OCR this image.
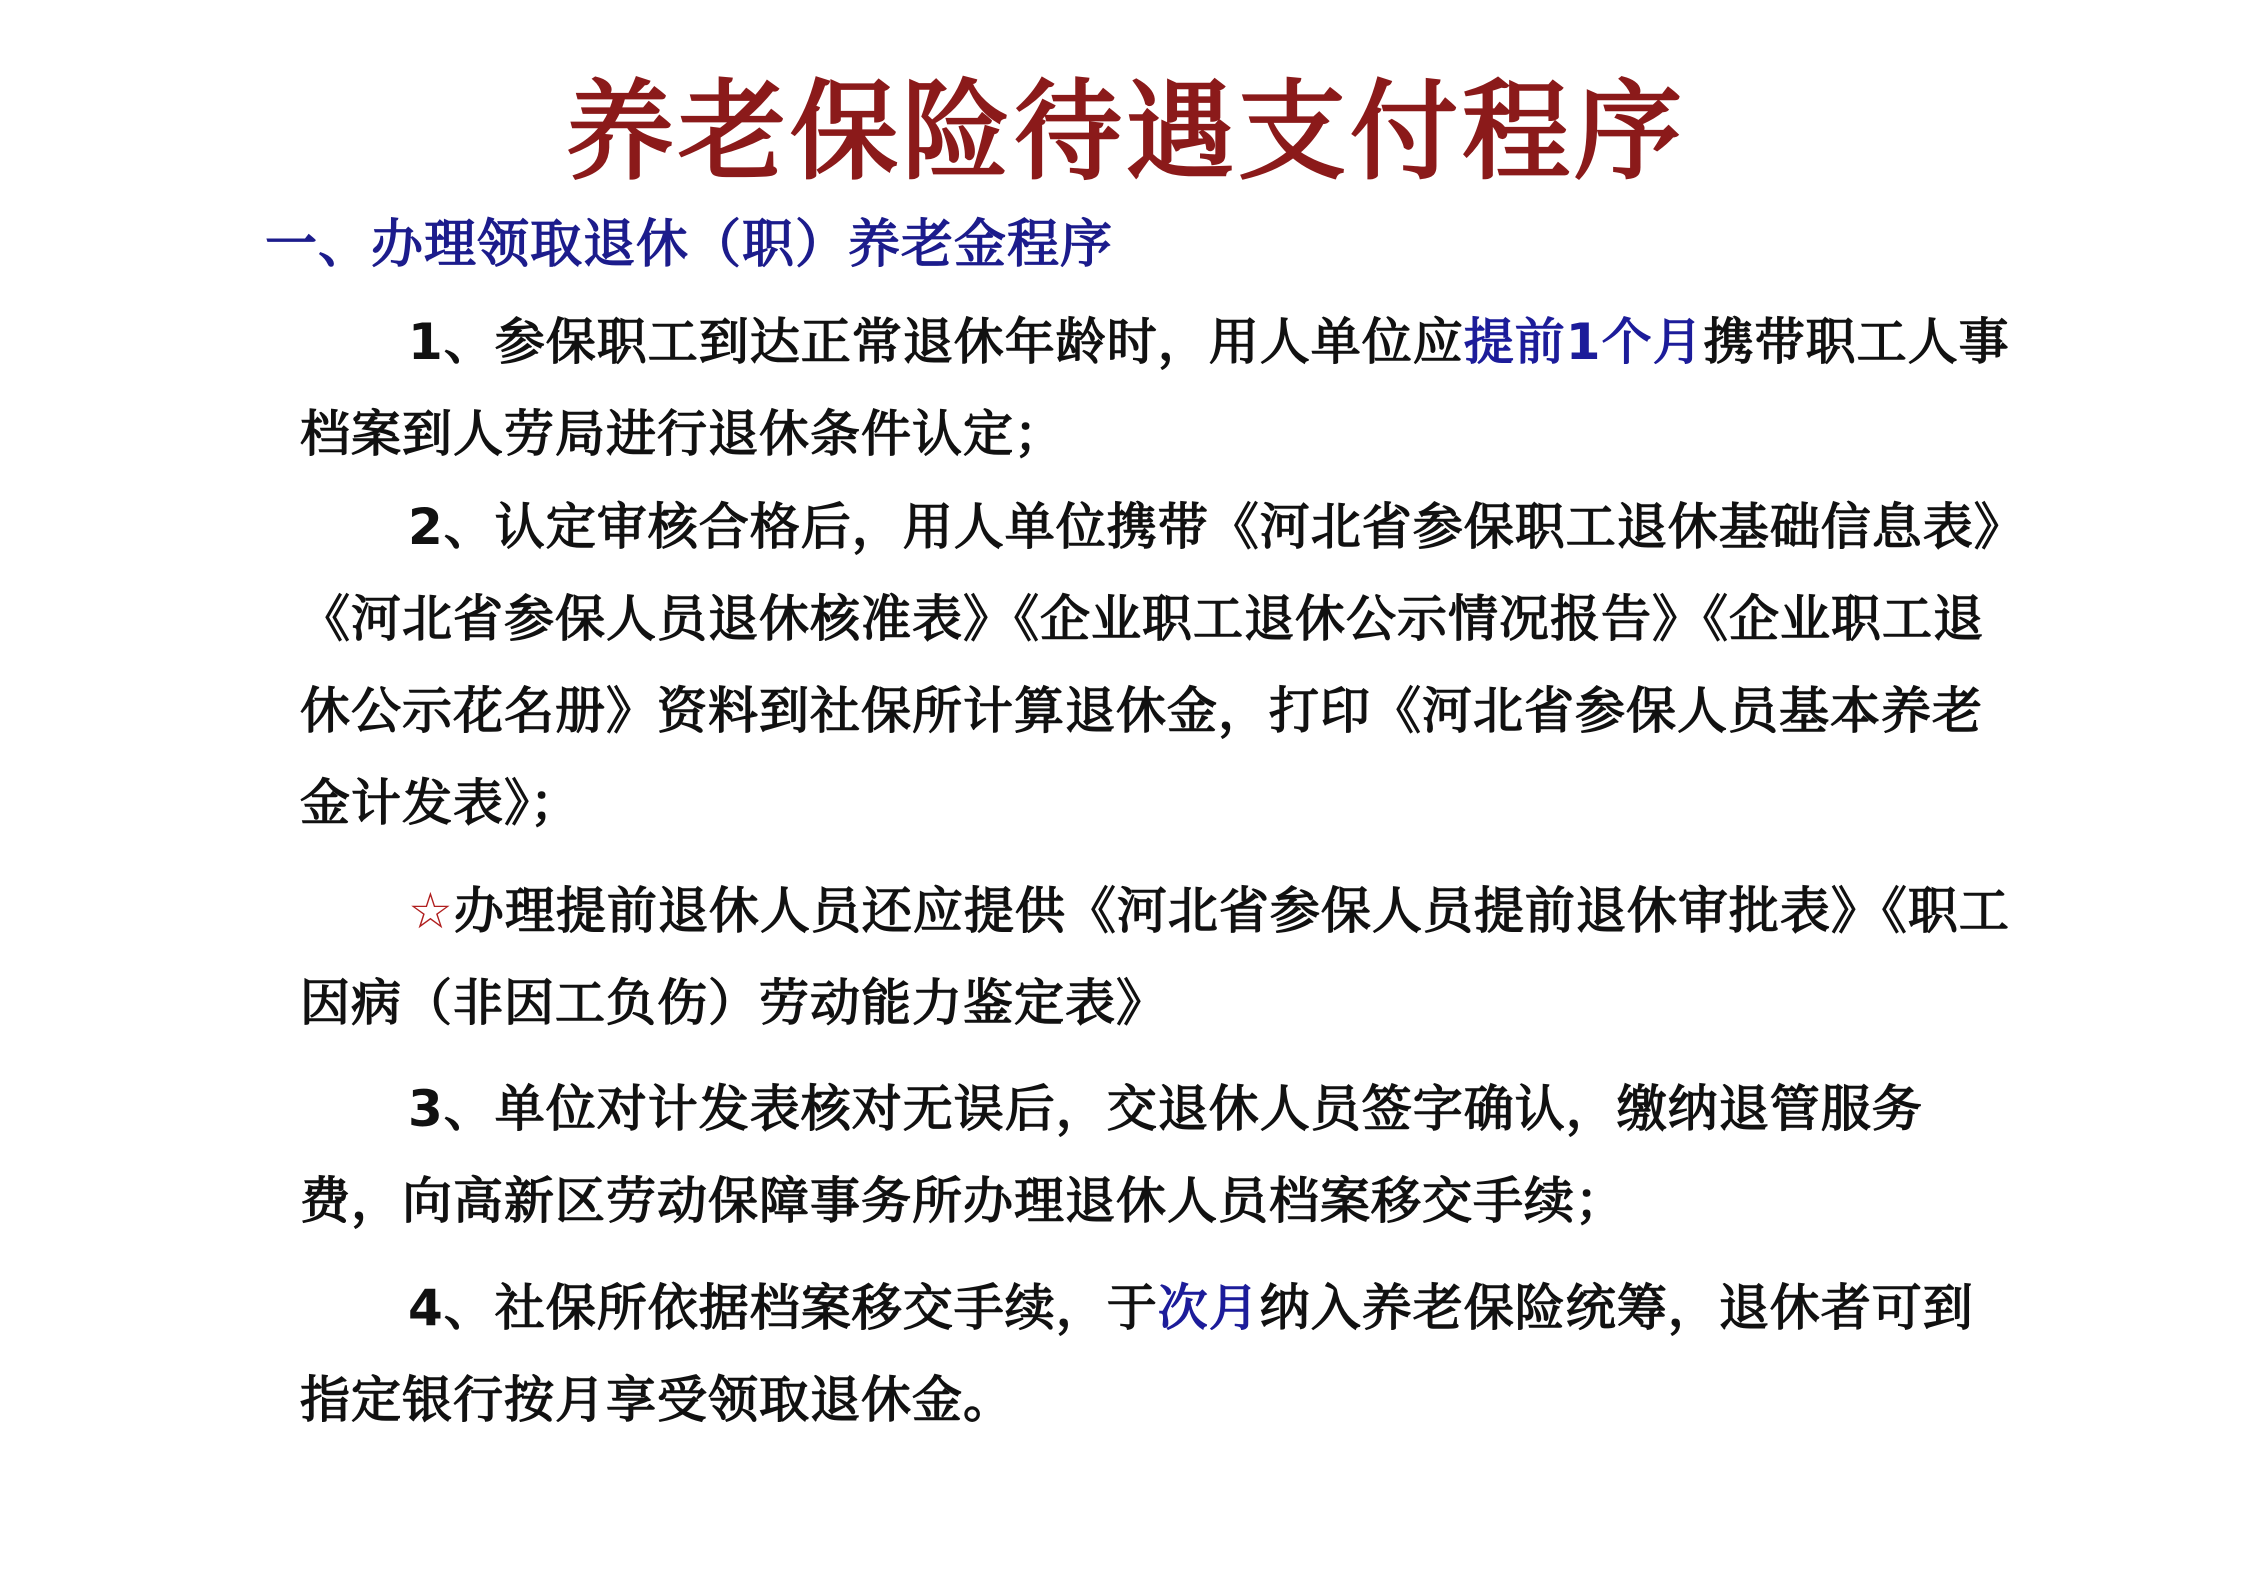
养老保险待遇支付程序
一、办理领取退休（职）养老金程序
1、参保职工到达正常退休年龄时，用人单位应提前1个月携带职工人事档案到人劳局进行退休条件认定；
2、认定审核合格后，用人单位携带《河北省参保职工退休基础信息表》《河北省参保人员退休核准表》《企业职工退休公示情况报告》《企业职工退休公示花名册》资料到社保所计算退休金，打印《河北省参保人员基本养老金计发表》；
☆办理提前退休人员还应提供《河北省参保人员提前退休审批表》《职工因病（非因工负伤）劳动能力鉴定表》
3、单位对计发表核对无误后，交退休人员签字确认，缴纳退管服务费，向高新区劳动保障事务所办理退休人员档案移交手续；
4、社保所依据档案移交手续，于次月纳入养老保险统筹，退休者可到指定银行按月享受领取退休金。
